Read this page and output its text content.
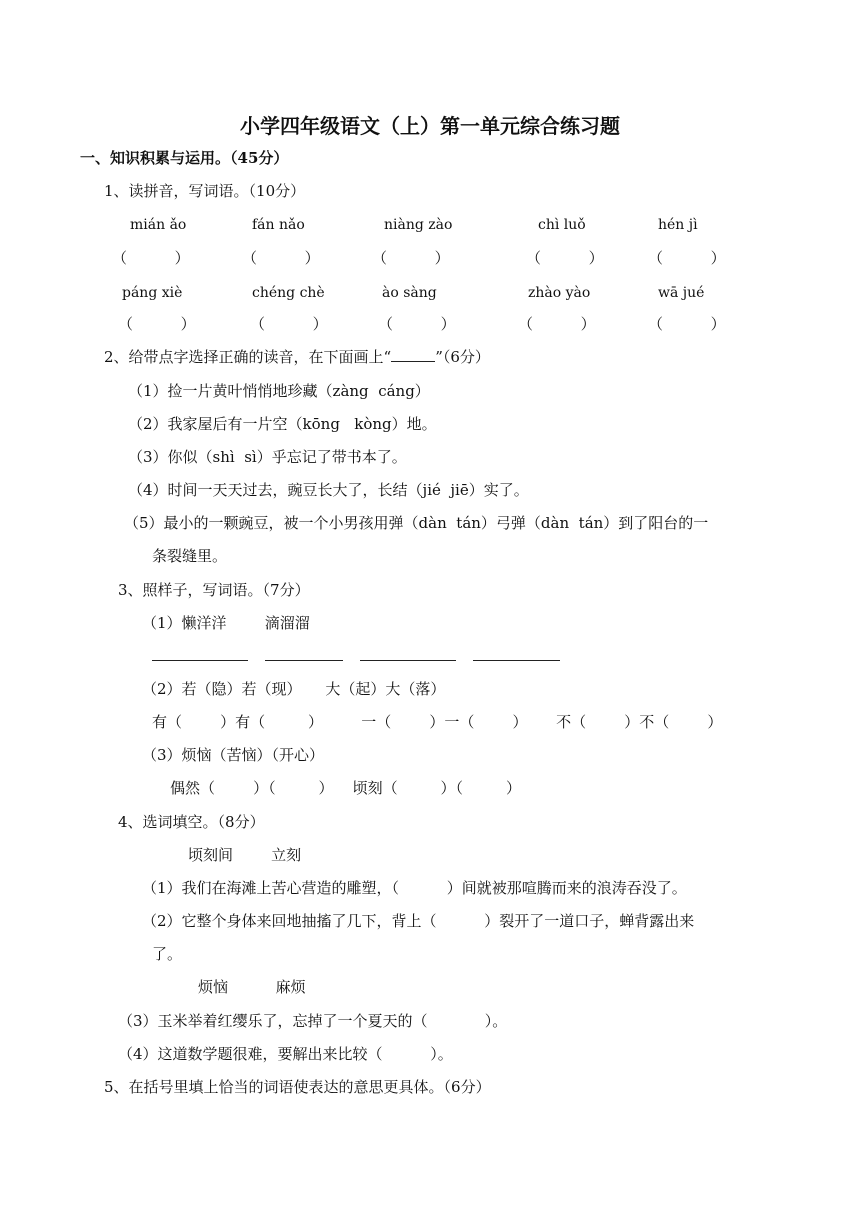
小学四年级语文（上）第一单元综合练习题
一、知识积累与运用。（45分）
1、读拼音，写词语。（10分）
mián ǎo	fán nǎo	niàng zào	chì luǒ	hén jì
（          ）	（          ）	（          ）	（          ）	（          ）
páng xiè	chéng chè	ào sàng	zhào yào	wā jué
（          ）	（          ）	（          ）	（          ）	（          ）
2、给带点字选择正确的读音，在下面画上“	”（6分）
（1）捡一片黄叶悄悄地珍藏（zàng  cáng）
（2）我家屋后有一片空（kōng   kòng）地。
（3）你似（shì  sì）乎忘记了带书本了。
（4）时间一天天过去，豌豆长大了，长结（jié  jiē）实了。
（5）最小的一颗豌豆，被一个小男孩用弹（dàn  tán）弓弹（dàn  tán）到了阳台的一
条裂缝里。
3、照样子，写词语。（7分）
（1）懒洋洋        滴溜溜
（2）若（隐）若（现）     大（起）大（落）
有（        ）有（         ）        一（        ）一（        ）      不（        ）不（        ）
（3）烦恼（苦恼）（开心）
偶然（        ）（         ）    顷刻（         ）（         ）
4、选词填空。（8分）
顷刻间        立刻
（1）我们在海滩上苦心营造的雕塑，（          ）间就被那喧腾而来的浪涛吞没了。
（2）它整个身体来回地抽搐了几下，背上（          ）裂开了一道口子，蝉背露出来
了。
烦恼          麻烦
（3）玉米举着红缨乐了，忘掉了一个夏天的（            ）。
（4）这道数学题很难，要解出来比较（          ）。
5、在括号里填上恰当的词语使表达的意思更具体。（6分）
